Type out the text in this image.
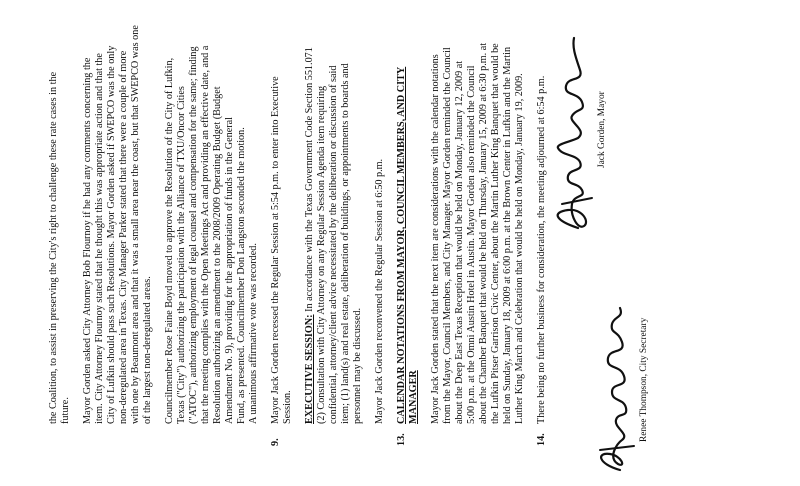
the Coalition, to assist in preserving the City's right to challenge these rate cases in the future. Mayor Gorden asked City Attorney Bob Flournoy if he had any comments concerning the item. City Attorney Flournoy stated that he thought this was appropriate action and that the City of Lufkin should pass such Resolutions. Mayor Gorden asked if SWEPCO was the only non-deregulated area in Texas. City Manager Parker stated that there were a couple of more with one by Beaumont area and that it was a small area near the coast, but that SWEPCO was one of the largest non-deregulated areas. Councilmember Rose Faine Boyd moved to approve the Resolution of the City of Lufkin, Texas ("City") authorizing the participation with the Alliance of TXU/Oncor Cities ("ATOC"), authorizing employment of legal counsel and compensation for the same; finding that the meeting complies with the Open Meetings Act and providing an effective date, and a Resolution authorizing an amendment to the 2008/2009 Operating Budget (Budget Amendment No. 9), providing for the appropriation of funds in the General Fund, as presented. Councilmember Don Langston seconded the motion. A unanimous affirmative vote was recorded.
9.
Mayor Jack Gorden recessed the Regular Session at 5:54 p.m. to enter into Executive Session. EXECUTIVE SESSION: In accordance with the Texas Government Code Section 551.071 (2) Consultation with City Attorney on any Regular Session Agenda item requiring confidential, attorney/client advice necessitated by the deliberation or discussion of said item; (1) land(s) and real estate, deliberation of buildings, or appointments to boards and personnel may be discussed. Mayor Jack Gorden reconvened the Regular Session at 6:50 p.m.
13.
CALENDAR NOTATIONS FROM MAYOR, COUNCIL MEMBERS, AND CITY MANAGER Mayor Jack Gorden stated that the next item are considerations with the calendar notations from the Mayor, Council Members, and City Manager. Mayor Gorden reminded the Council about the Deep East Texas Reception that would be held on Monday, January 12, 2009 at 5:00 p.m. at the Omni Austin Hotel in Austin. Mayor Gorden also reminded the Council about the Chamber Banquet that would be held on Thursday, January 15, 2009 at 6:30 p.m. at the Lufkin Pitser Garrison Civic Center, about the Martin Luther King Banquet that would be held on Sunday, January 18, 2009 at 6:00 p.m. at the Brown Center in Lufkin and the Martin Luther King March and Celebration that would be held on Monday, January 19, 2009.
14.
There being no further business for consideration, the meeting adjourned at 6:54 p.m.	Jack Gorden, Mayor
Renee Thompson, City Secretary
